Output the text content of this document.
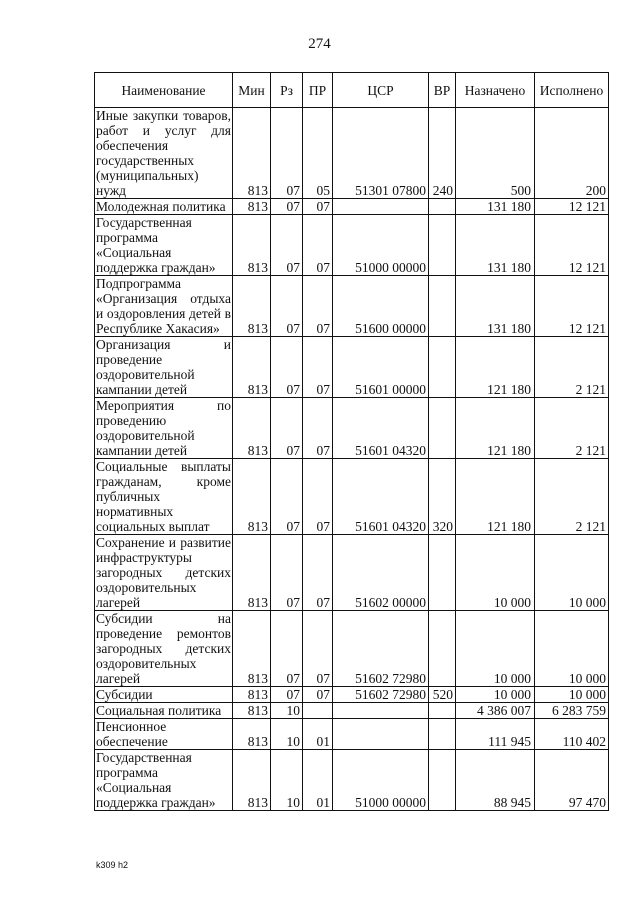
274
Наименование	Мин	Рз	ПР	ЦСР	ВР	Назначено	Исполнено
Иные закупки товаров, работ и услуг для обеспечения государственных (муниципальных) нужд	813	07	05	51301 07800	240	500	200
Молодежная политика	813	07	07			131 180	12 121
Государственная программа «Социальная поддержка граждан»	813	07	07	51000 00000		131 180	12 121
Подпрограмма «Организация отдыха и оздоровления детей в Республике Хакасия»	813	07	07	51600 00000		131 180	12 121
Организация и проведение оздоровительной кампании детей	813	07	07	51601 00000		121 180	2 121
Мероприятия по проведению оздоровительной кампании детей	813	07	07	51601 04320		121 180	2 121
Социальные выплаты гражданам, кроме публичных нормативных социальных выплат	813	07	07	51601 04320	320	121 180	2 121
Сохранение и развитие инфраструктуры загородных детских оздоровительных лагерей	813	07	07	51602 00000		10 000	10 000
Субсидии на проведение ремонтов загородных детских оздоровительных лагерей	813	07	07	51602 72980		10 000	10 000
Субсидии	813	07	07	51602 72980	520	10 000	10 000
Социальная политика	813	10				4 386 007	6 283 759
Пенсионное обеспечение	813	10	01			111 945	110 402
Государственная программа «Социальная поддержка граждан»	813	10	01	51000 00000		88 945	97 470
k309 h2
